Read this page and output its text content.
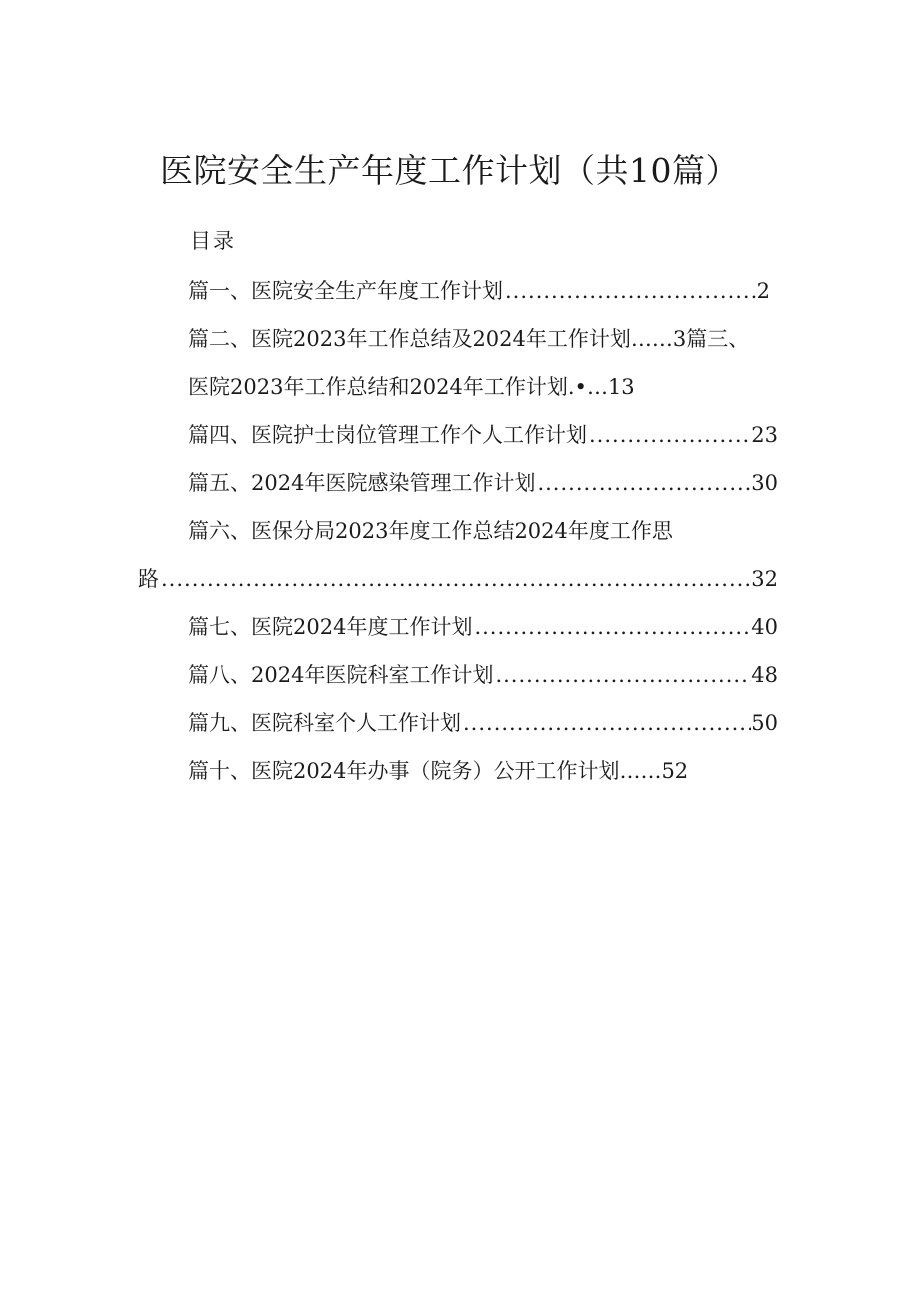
医院安全生产年度工作计划（共10篇）
目录
篇一、医院安全生产年度工作计划 .....	2
篇二、医院2023年工作总结及2024年工作计划……3篇三、
医院2023年工作总结和2024年工作计划.•…13
篇四、医院护士岗位管理工作个人工作计划 .....	23
篇五、2024年医院感染管理工作计划 .....	30
篇六、医保分局2023年度工作总结2024年度工作思
路 .....	32
篇七、医院2024年度工作计划 .....	40
篇八、2024年医院科室工作计划 .....	48
篇九、医院科室个人工作计划 .....	50
篇十、医院2024年办事（院务）公开工作计划……52
